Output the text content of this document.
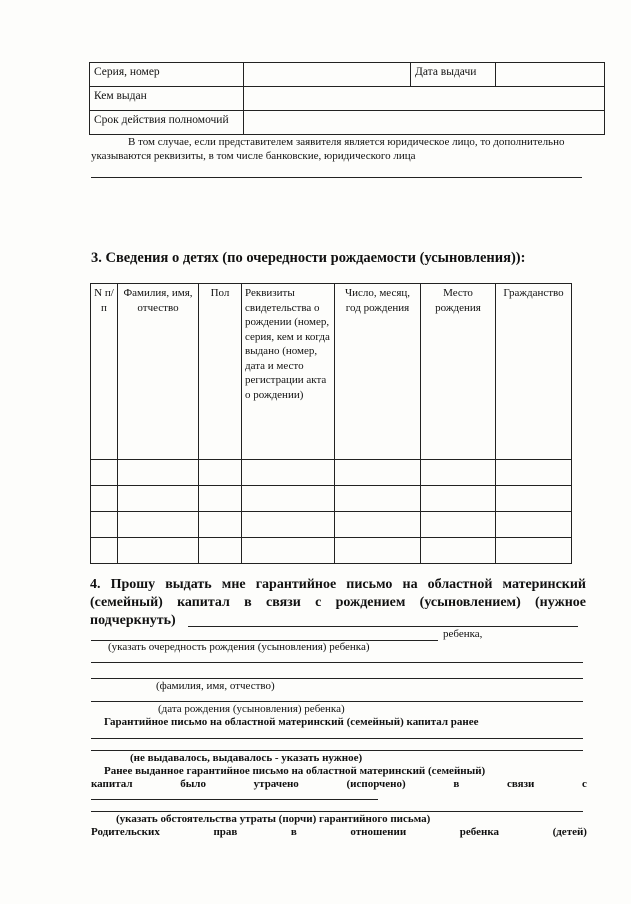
Серия, номер		Дата выдачи	
Кем выдан			
Срок действия полномочий			
В том случае, если представителем заявителя является юридическое лицо, то дополнительно
указываются реквизиты, в том числе банковские, юридического лица
3. Сведения о детях (по очередности рождаемости (усыновления)):
N п/п	Фамилия, имя, отчество	Пол	Реквизиты свидетельства о рождении (номер, серия, кем и когда выдано (номер, дата и место регистрации акта о рождении)	Число, месяц, год рождения	Место рождения	Гражданство

4. Прошу выдать мне гарантийное письмо на областной материнский
(семейный) капитал в связи с рождением (усыновлением) (нужное
подчеркнуть)
ребенка,
(указать очередность рождения (усыновления) ребенка)
(фамилия, имя, отчество)
(дата рождения (усыновления) ребенка)
Гарантийное письмо на областной материнский (семейный) капитал ранее
(не выдавалось, выдавалось - указать нужное)
Ранее выданное гарантийное письмо на областной материнский (семейный)
капитал	было	утрачено	(испорчено)	в	связи	с
(указать обстоятельства утраты (порчи) гарантийного письма)
Родительских	прав	в	отношении	ребенка	(детей)
